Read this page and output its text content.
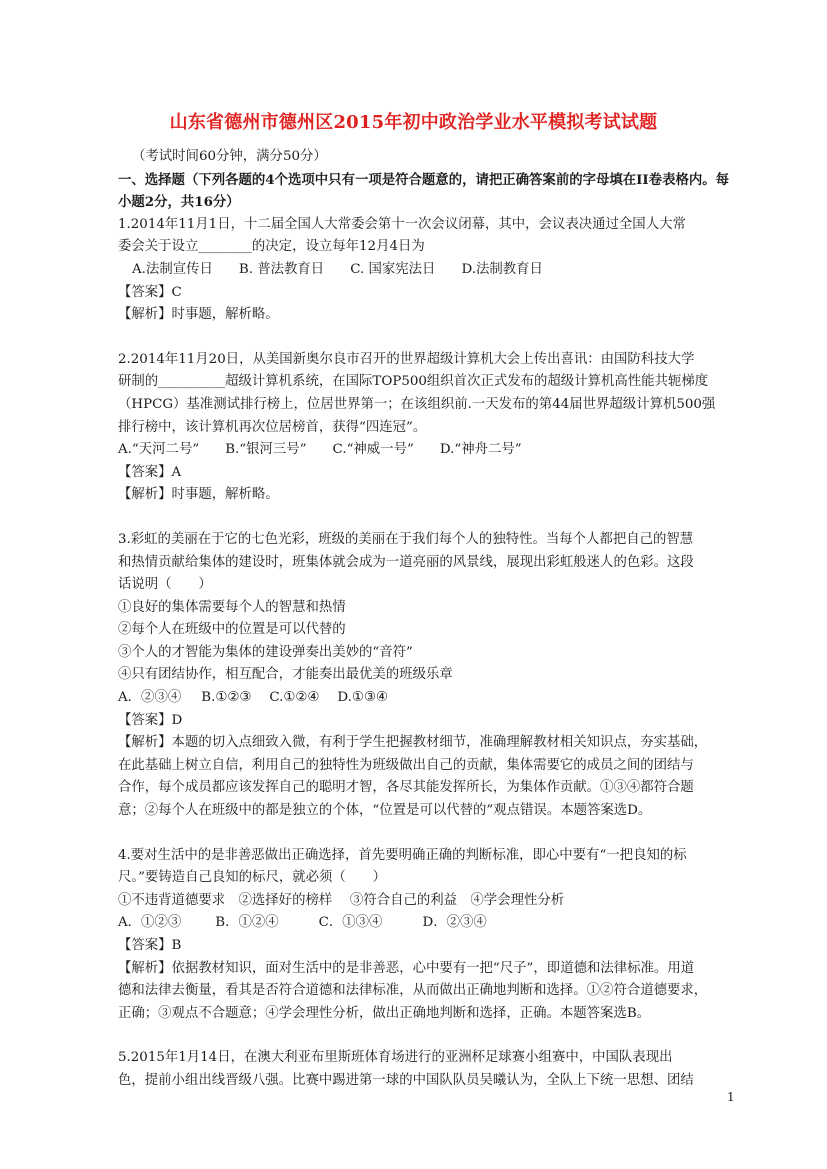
山东省德州市德州区2015年初中政治学业水平模拟考试试题

（考试时间60分钟，满分50分）

一、选择题（下列各题的4个选项中只有一项是符合题意的，请把正确答案前的字母填在II卷表格内。每小题2分，共16分）

1.2014年11月1日，十二届全国人大常委会第十一次会议闭幕，其中，会议表决通过全国人大常

委会关于设立________的决定，设立每年12月4日为

A.法制宣传日 B. 普法教育日 C. 国家宪法日 D.法制教育日

【答案】C

【解析】时事题，解析略。

2.2014年11月20日，从美国新奥尔良市召开的世界超级计算机大会上传出喜讯：由国防科技大学

研制的__________超级计算机系统，在国际TOP500组织首次正式发布的超级计算机高性能共轭梯度

（HPCG）基准测试排行榜上，位居世界第一；在该组织前.一天发布的第44届世界超级计算机500强

排行榜中，该计算机再次位居榜首，获得“四连冠”。

A.“天河二号” B.“银河三号” C.“神威一号” D.“神舟二号”

【答案】A

【解析】时事题，解析略。

3.彩虹的美丽在于它的七色光彩，班级的美丽在于我们每个人的独特性。当每个人都把自己的智慧

和热情贡献给集体的建设时，班集体就会成为一道亮丽的风景线，展现出彩虹般迷人的色彩。这段

话说明（　　）

①良好的集体需要每个人的智慧和热情

②每个人在班级中的位置是可以代替的

③个人的才智能为集体的建设弹奏出美妙的“音符”

④只有团结协作，相互配合，才能奏出最优美的班级乐章

A．②③④ B.①②③ C.①②④ D.①③④

【答案】D

【解析】本题的切入点细致入微，有利于学生把握教材细节，准确理解教材相关知识点，夯实基础，

在此基础上树立自信，利用自己的独特性为班级做出自己的贡献，集体需要它的成员之间的团结与

合作，每个成员都应该发挥自己的聪明才智，各尽其能发挥所长，为集体作贡献。①③④都符合题

意；②每个人在班级中的都是独立的个体，“位置是可以代替的”观点错误。本题答案选D。

4.要对生活中的是非善恶做出正确选择，首先要明确正确的判断标准，即心中要有“一把良知的标

尺。”要铸造自己良知的标尺，就必须（　　）

①不违背道德要求　②选择好的榜样　 ③符合自己的利益　④学会理性分析

A．①②③	B．①②④	C．①③④	D．②③④

【答案】B

【解析】依据教材知识，面对生活中的是非善恶，心中要有一把“尺子”，即道德和法律标准。用道

德和法律去衡量，看其是否符合道德和法律标准，从而做出正确地判断和选择。①②符合道德要求，

正确；③观点不合题意；④学会理性分析，做出正确地判断和选择，正确。本题答案选B。

5.2015年1月14日，在澳大利亚布里斯班体育场进行的亚洲杯足球赛小组赛中，中国队表现出

色，提前小组出线晋级八强。比赛中踢进第一球的中国队队员吴曦认为，全队上下统一思想、团结

1
